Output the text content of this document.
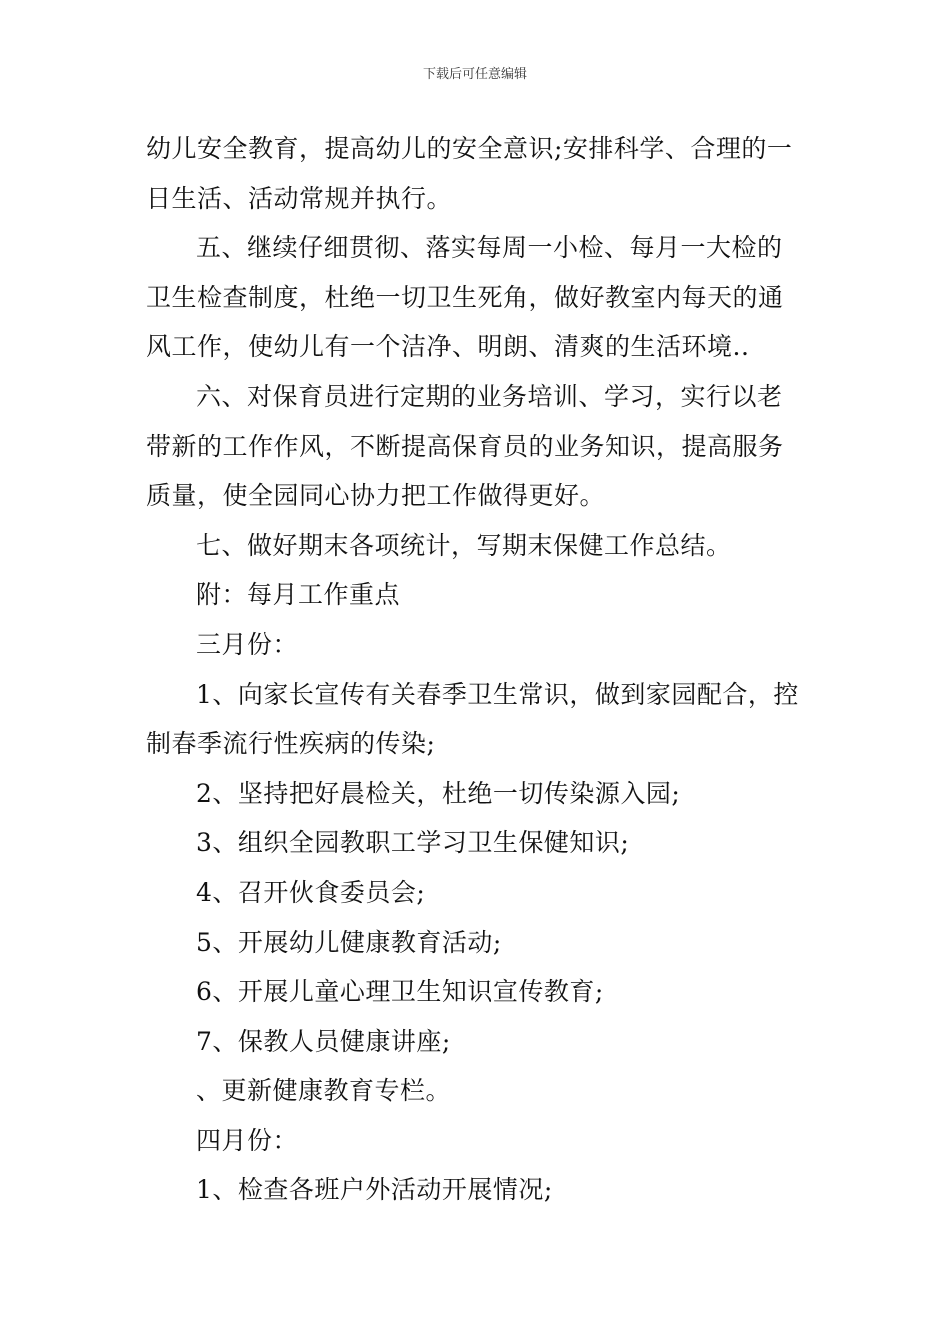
下载后可任意编辑

幼儿安全教育，提高幼儿的安全意识;安排科学、合理的一

日生活、活动常规并执行。

五、继续仔细贯彻、落实每周一小检、每月一大检的

卫生检查制度，杜绝一切卫生死角，做好教室内每天的通

风工作，使幼儿有一个洁净、明朗、清爽的生活环境..

六、对保育员进行定期的业务培训、学习，实行以老

带新的工作作风，不断提高保育员的业务知识，提高服务

质量，使全园同心协力把工作做得更好。

七、做好期末各项统计，写期末保健工作总结。

附：每月工作重点

三月份：

1、向家长宣传有关春季卫生常识，做到家园配合，控

制春季流行性疾病的传染;

2、坚持把好晨检关，杜绝一切传染源入园;

3、组织全园教职工学习卫生保健知识;

4、召开伙食委员会;

5、开展幼儿健康教育活动;

6、开展儿童心理卫生知识宣传教育;

7、保教人员健康讲座;

、更新健康教育专栏。

四月份：

1、检查各班户外活动开展情况;
